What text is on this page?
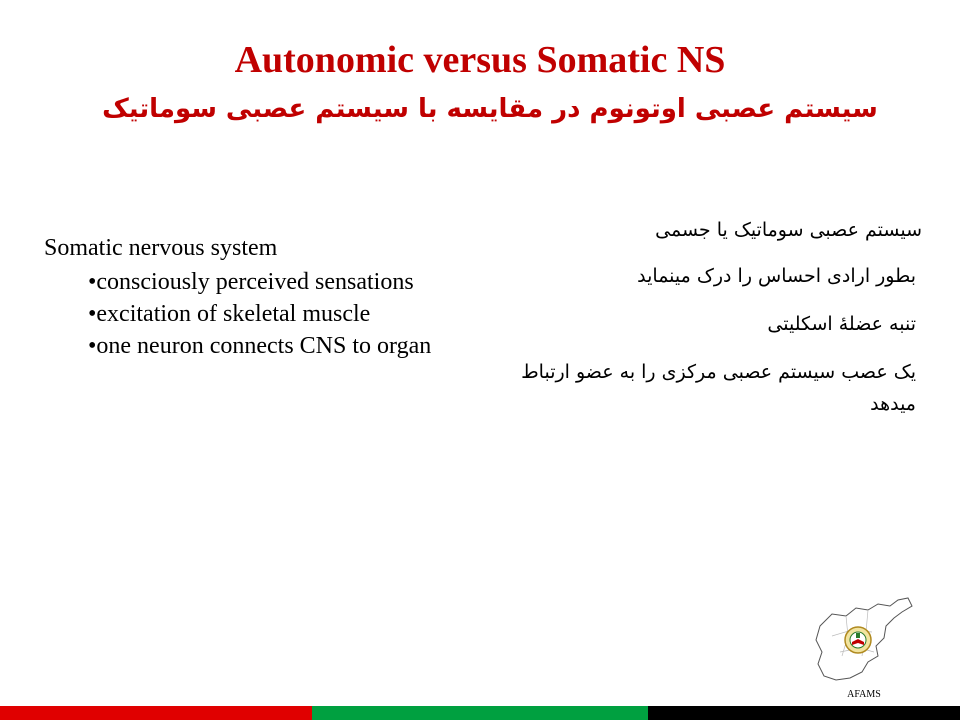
Autonomic versus Somatic NS
سیستم عصبی اوتونوم در مقایسه با سیستم عصبی سوماتیک

Somatic nervous system

•consciously perceived sensations
•excitation of skeletal muscle
•one neuron connects CNS to organ

سیستم عصبی سوماتیک یا جسمی

بطور ارادی احساس را درک مینماید

تنبه عضلهٔ اسکلیتی

یک عصب سیستم عصبی مرکزی را به عضو ارتباط میدهد

AFAMS
